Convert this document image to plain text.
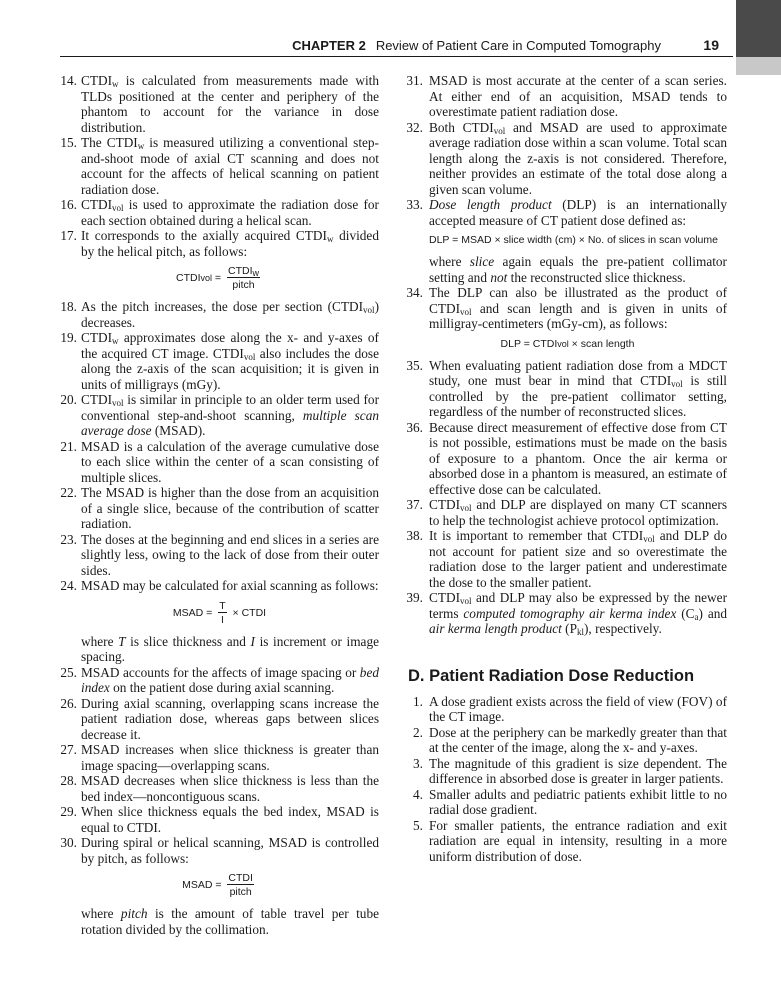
CHAPTER 2 Review of Patient Care in Computed Tomography	19
14. $CTDI_w$ is calculated from measurements made with TLDs positioned at the center and periphery of the phantom to account for the variance in dose distribution.
15. The $CTDI_w$ is measured utilizing a conventional step-and-shoot mode of axial CT scanning and does not account for the affects of helical scanning on patient radiation dose.
16. $CTDI_{vol}$ is used to approximate the radiation dose for each section obtained during a helical scan.
17. It corresponds to the axially acquired $CTDI_w$ divided by the helical pitch, as follows:
CTDI vol = $\frac{CTDI_w}{\text{pitch}}$
18. As the pitch increases, the dose per section $(CTDI_{vol})$ decreases.
19. $CTDI_w$ approximates dose along the x- and y-axes of the acquired CT image. $CTDI_{vol}$ also includes the dose along the z-axis of the scan acquisition; it is given in units of milligrays (mGy).
20. $CTDI_{vol}$ is similar in principle to an older term used for conventional step-and-shoot scanning, multiple scan average dose (MSAD).
21. MSAD is a calculation of the average cumulative dose to each slice within the center of a scan consisting of multiple slices.
22. The MSAD is higher than the dose from an acquisition of a single slice, because of the contribution of scatter radiation.
23. The doses at the beginning and end slices in a series are slightly less, owing to the lack of dose from their outer sides.
24. MSAD may be calculated for axial scanning as follows:
MSAD = $\frac{T}{I}$ × CTDI
where T is slice thickness and I is increment or image spacing.
25. MSAD accounts for the affects of image spacing or bed index on the patient dose during axial scanning.
26. During axial scanning, overlapping scans increase the patient radiation dose, whereas gaps between slices decrease it.
27. MSAD increases when slice thickness is greater than image spacing—overlapping scans.
28. MSAD decreases when slice thickness is less than the bed index—noncontiguous scans.
29. When slice thickness equals the bed index, MSAD is equal to CTDI.
30. During spiral or helical scanning, MSAD is controlled by pitch, as follows:
MSAD = $\frac{\text{CTDI}}{\text{pitch}}$
where pitch is the amount of table travel per tube rotation divided by the collimation.
31. MSAD is most accurate at the center of a scan series. At either end of an acquisition, MSAD tends to overestimate patient radiation dose.
32. Both $CTDI_{vol}$ and MSAD are used to approximate average radiation dose within a scan volume. Total scan length along the z-axis is not considered. Therefore, neither provides an estimate of the total dose along a given scan volume.
33. Dose length product (DLP) is an internationally accepted measure of CT patient dose defined as:
DLP = MSAD × slice width (cm) × No. of slices in scan volume
where slice again equals the pre-patient collimator setting and not the reconstructed slice thickness.
34. The DLP can also be illustrated as the product of $CTDI_{vol}$ and scan length and is given in units of milligray-centimeters (mGy-cm), as follows:
DLP = CTDI vol × scan length
35. When evaluating patient radiation dose from a MDCT study, one must bear in mind that $CTDI_{vol}$ is still controlled by the pre-patient collimator setting, regardless of the number of reconstructed slices.
36. Because direct measurement of effective dose from CT is not possible, estimations must be made on the basis of exposure to a phantom. Once the air kerma or absorbed dose in a phantom is measured, an estimate of effective dose can be calculated.
37. $CTDI_{vol}$ and DLP are displayed on many CT scanners to help the technologist achieve protocol optimization.
38. It is important to remember that $CTDI_{vol}$ and DLP do not account for patient size and so overestimate the radiation dose to the larger patient and underestimate the dose to the smaller patient.
39. $CTDI_{vol}$ and DLP may also be expressed by the newer terms computed tomography air kerma index $(C_a)$ and air kerma length product $(P_{kl})$, respectively.
D. Patient Radiation Dose Reduction
1. A dose gradient exists across the field of view (FOV) of the CT image.
2. Dose at the periphery can be markedly greater than that at the center of the image, along the x- and y-axes.
3. The magnitude of this gradient is size dependent. The difference in absorbed dose is greater in larger patients.
4. Smaller adults and pediatric patients exhibit little to no radial dose gradient.
5. For smaller patients, the entrance radiation and exit radiation are equal in intensity, resulting in a more uniform distribution of dose.
